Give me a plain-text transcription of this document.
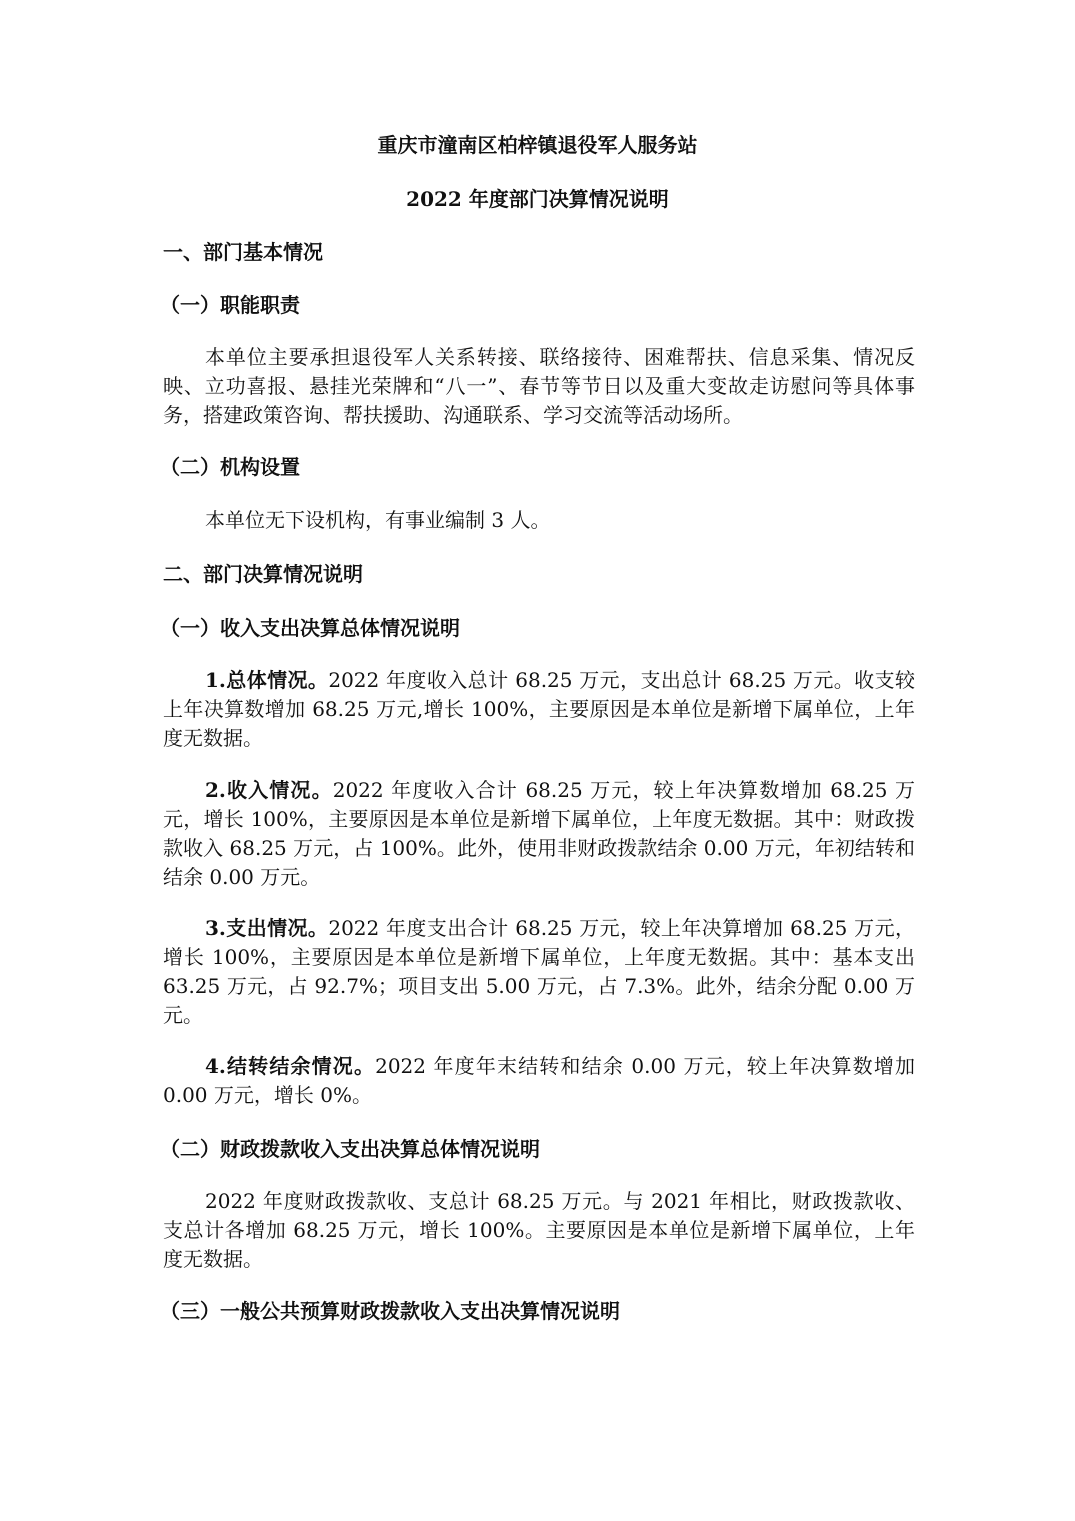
重庆市潼南区柏梓镇退役军人服务站
2022 年度部门决算情况说明
一、部门基本情况
（一）职能职责
本单位主要承担退役军人关系转接、联络接待、困难帮扶、信息采集、情况反映、立功喜报、悬挂光荣牌和“八一”、春节等节日以及重大变故走访慰问等具体事务，搭建政策咨询、帮扶援助、沟通联系、学习交流等活动场所。
（二）机构设置
本单位无下设机构，有事业编制 3 人。
二、部门决算情况说明
（一）收入支出决算总体情况说明
1.总体情况。2022 年度收入总计 68.25 万元，支出总计 68.25 万元。收支较上年决算数增加 68.25 万元,增长 100%，主要原因是本单位是新增下属单位，上年度无数据。
2.收入情况。2022 年度收入合计 68.25 万元，较上年决算数增加 68.25 万元，增长 100%，主要原因是本单位是新增下属单位，上年度无数据。其中：财政拨款收入 68.25 万元，占 100%。此外，使用非财政拨款结余 0.00 万元，年初结转和结余 0.00 万元。
3.支出情况。2022 年度支出合计 68.25 万元，较上年决算增加 68.25 万元，增长 100%，主要原因是本单位是新增下属单位，上年度无数据。其中：基本支出 63.25 万元，占 92.7%；项目支出 5.00 万元，占 7.3%。此外，结余分配 0.00 万元。
4.结转结余情况。2022 年度年末结转和结余 0.00 万元，较上年决算数增加 0.00 万元，增长 0%。
（二）财政拨款收入支出决算总体情况说明
2022 年度财政拨款收、支总计 68.25 万元。与 2021 年相比，财政拨款收、支总计各增加 68.25 万元，增长 100%。主要原因是本单位是新增下属单位，上年度无数据。
（三）一般公共预算财政拨款收入支出决算情况说明
